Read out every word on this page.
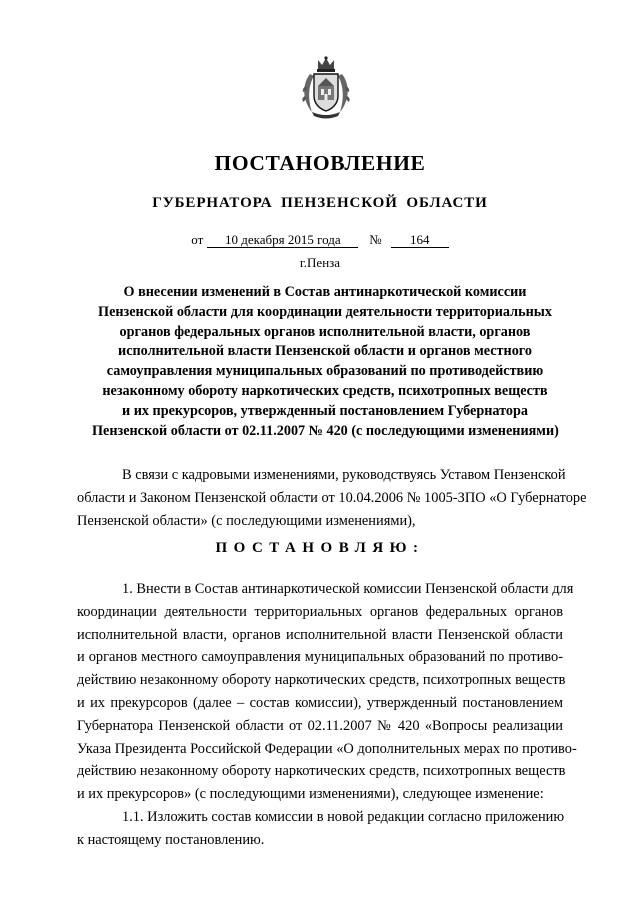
ПОСТАНОВЛЕНИЕ
ГУБЕРНАТОРА ПЕНЗЕНСКОЙ ОБЛАСТИ
от	10 декабря 2015 года	№	164
г.Пенза
О внесении изменений в Состав антинаркотической комиссии
Пензенской области для координации деятельности территориальных
органов федеральных органов исполнительной власти, органов
исполнительной власти Пензенской области и органов местного
самоуправления муниципальных образований по противодействию
незаконному обороту наркотических средств, психотропных веществ
и их прекурсоров, утвержденный постановлением Губернатора
Пензенской области от 02.11.2007 № 420 (с последующими изменениями)
В связи с кадровыми изменениями, руководствуясь Уставом Пензенской
области и Законом Пензенской области от 10.04.2006 № 1005-ЗПО «О Губернаторе
Пензенской области» (с последующими изменениями),
ПОСТАНОВЛЯЮ:
1. Внести в Состав антинаркотической комиссии Пензенской области для
координации деятельности территориальных органов федеральных органов
исполнительной власти, органов исполнительной власти Пензенской области
и органов местного самоуправления муниципальных образований по противо-
действию незаконному обороту наркотических средств, психотропных веществ
и их прекурсоров (далее – состав комиссии), утвержденный постановлением
Губернатора Пензенской области от 02.11.2007 № 420 «Вопросы реализации
Указа Президента Российской Федерации «О дополнительных мерах по противо-
действию незаконному обороту наркотических средств, психотропных веществ
и их прекурсоров» (с последующими изменениями), следующее изменение:
1.1. Изложить состав комиссии в новой редакции согласно приложению
к настоящему постановлению.
